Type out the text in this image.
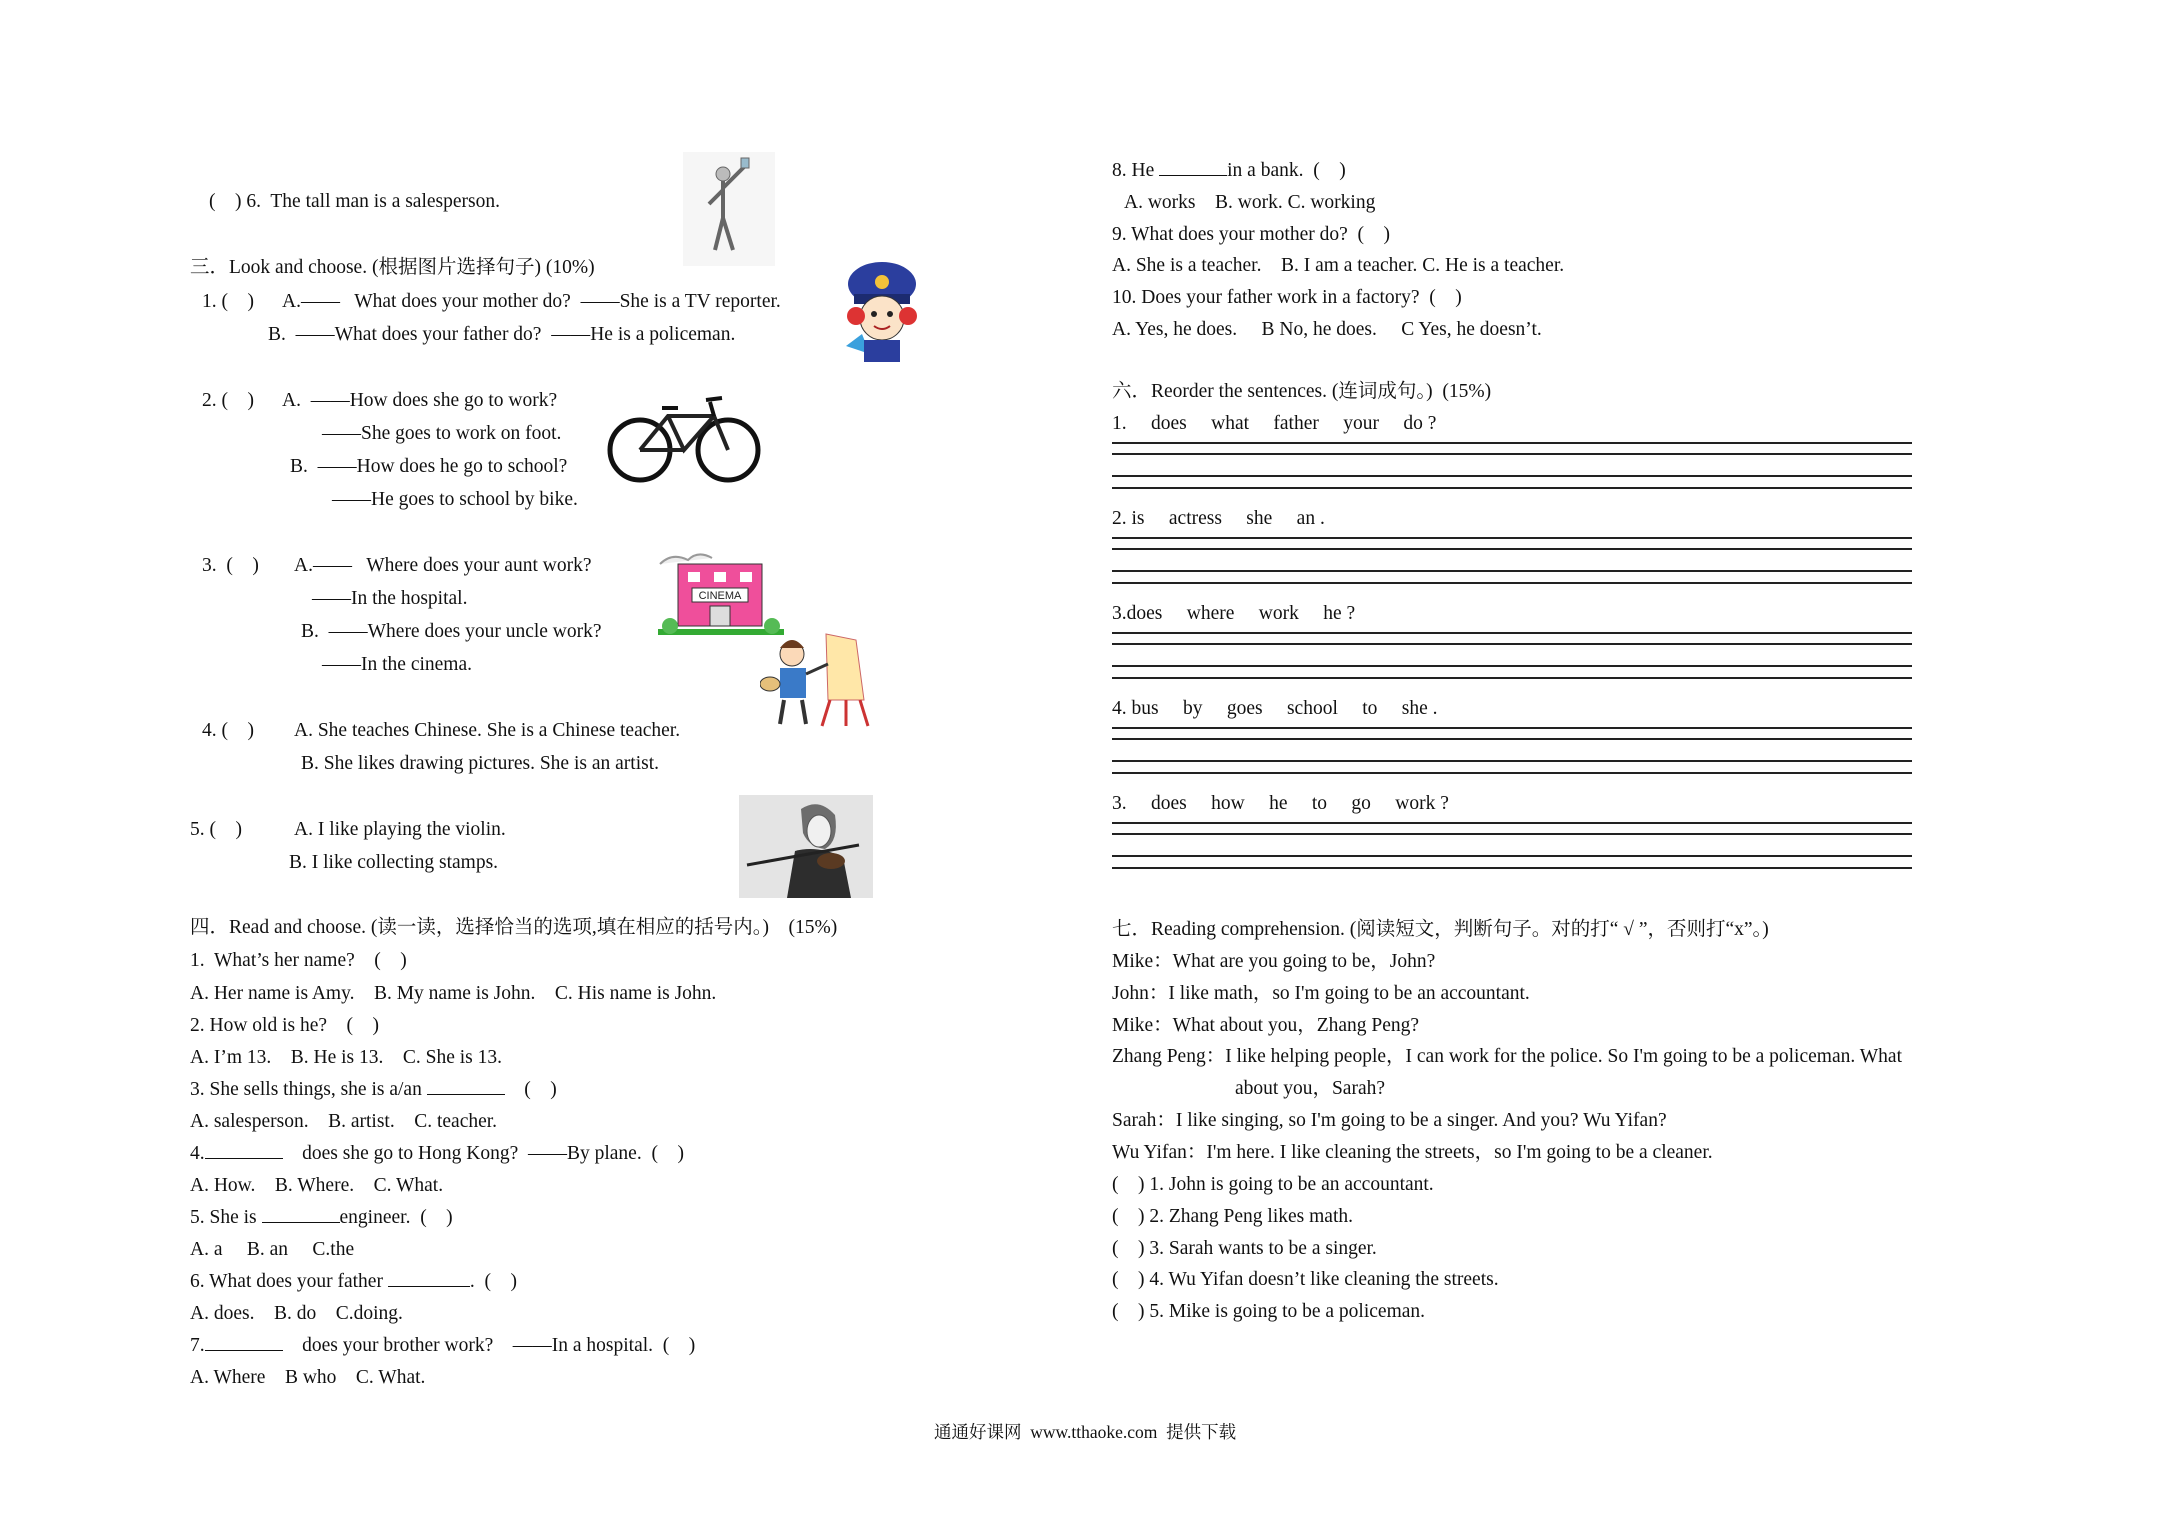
(    ) 6.  The tall man is a salesperson.
三．Look and choose. (根据图片选择句子) (10%)
1. (    ) A.——   What does your mother do?  ——She is a TV reporter.
B.  ——What does your father do?  ——He is a policeman.
2. (    ) A.  ——How does she go to work?
——She goes to work on foot.
B.  ——How does he go to school?
——He goes to school by bike.
3.  (    ) A.——   Where does your aunt work?
——In the hospital.
B.  ——Where does your uncle work?
——In the cinema.
CINEMA
4. (    ) A. She teaches Chinese. She is a Chinese teacher.
B. She likes drawing pictures. She is an artist.
5. (    )	A. I like playing the violin.
B. I like collecting stamps.
四．Read and choose. (读一读，选择恰当的选项,填在相应的括号内。)    (15%)
1.  What’s her name?    (    )
A. Her name is Amy.    B. My name is John.    C. His name is John.
2. How old is he?    (    )
A. I’m 13.    B. He is 13.    C. She is 13.
3. She sells things, she is a/an	(    )
A. salesperson.    B. artist.    C. teacher.
4.	does she go to Hong Kong?  ——By plane.  (    )
A. How.    B. Where.    C. What.
5. She is	engineer.  (    )
A. a     B. an     C.the
6. What does your father	.  (    )
A. does.    B. do    C.doing.
7.	does your brother work?    ——In a hospital.  (    )
A. Where    B who    C. What.
8. He	in a bank.  (    )
A. works    B. work. C. working
9. What does your mother do?  (    )
A. She is a teacher.    B. I am a teacher. C. He is a teacher.
10. Does your father work in a factory?  (    )
A. Yes, he does.     B No, he does.     C Yes, he doesn’t.
六．Reorder the sentences. (连词成句。)  (15%)
1.     does     what     father     your     do ?
2. is     actress     she     an .
3.does     where     work     he ?
4. bus     by     goes     school     to     she .
3.     does     how     he     to     go     work ?
七．Reading comprehension. (阅读短文，判断句子。对的打“ √ ”，否则打“x”。)
Mike：What are you going to be，John?
John：I like math，so I'm going to be an accountant.
Mike：What about you，Zhang Peng?
Zhang Peng：I like helping people，I can work for the police. So I'm going to be a policeman. What
about you，Sarah?
Sarah：I like singing, so I'm going to be a singer. And you? Wu Yifan?
Wu Yifan：I'm here. I like cleaning the streets，so I'm going to be a cleaner.
(    ) 1. John is going to be an accountant.
(    ) 2. Zhang Peng likes math.
(    ) 3. Sarah wants to be a singer.
(    ) 4. Wu Yifan doesn’t like cleaning the streets.
(    ) 5. Mike is going to be a policeman.
通通好课网  www.tthaoke.com  提供下载
